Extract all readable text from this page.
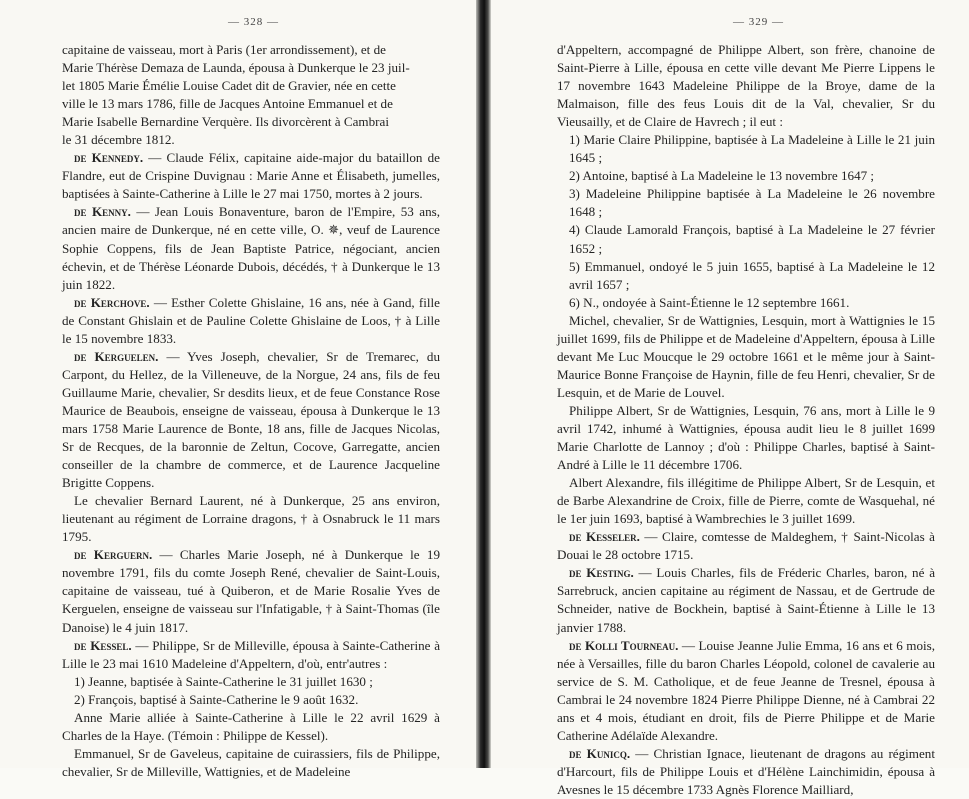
— 328 —

capitaine de vaisseau, mort à Paris (1er arrondissement), et de

Marie Thérèse Demaza de Launda, épousa à Dunkerque le 23 juil-

let 1805 Marie Émélie Louise Cadet dit de Gravier, née en cette

ville le 13 mars 1786, fille de Jacques Antoine Emmanuel et de

Marie Isabelle Bernardine Verquère. Ils divorcèrent à Cambrai

le 31 décembre 1812.

de Kennedy. — Claude Félix, capitaine aide-major du bataillon de Flandre, eut de Crispine Duvignau : Marie Anne et Élisabeth, jumelles, baptisées à Sainte-Catherine à Lille le 27 mai 1750, mortes à 2 jours.

de Kenny. — Jean Louis Bonaventure, baron de l'Empire, 53 ans, ancien maire de Dunkerque, né en cette ville, O. ✵, veuf de Laurence Sophie Coppens, fils de Jean Baptiste Patrice, négociant, ancien échevin, et de Thérèse Léonarde Dubois, décédés, † à Dunkerque le 13 juin 1822.

de Kerchove. — Esther Colette Ghislaine, 16 ans, née à Gand, fille de Constant Ghislain et de Pauline Colette Ghislaine de Loos, † à Lille le 15 novembre 1833.

de Kerguelen. — Yves Joseph, chevalier, Sr de Tremarec, du Carpont, du Hellez, de la Villeneuve, de la Norgue, 24 ans, fils de feu Guillaume Marie, chevalier, Sr desdits lieux, et de feue Constance Rose Maurice de Beaubois, enseigne de vaisseau, épousa à Dunkerque le 13 mars 1758 Marie Laurence de Bonte, 18 ans, fille de Jacques Nicolas, Sr de Recques, de la baronnie de Zeltun, Cocove, Garregatte, ancien conseiller de la chambre de commerce, et de Laurence Jacqueline Brigitte Coppens.

Le chevalier Bernard Laurent, né à Dunkerque, 25 ans environ, lieutenant au régiment de Lorraine dragons, † à Osnabruck le 11 mars 1795.

de Kerguern. — Charles Marie Joseph, né à Dunkerque le 19 novembre 1791, fils du comte Joseph René, chevalier de Saint-Louis, capitaine de vaisseau, tué à Quiberon, et de Marie Rosalie Yves de Kerguelen, enseigne de vaisseau sur l'Infatigable, † à Saint-Thomas (île Danoise) le 4 juin 1817.

de Kessel. — Philippe, Sr de Milleville, épousa à Sainte-Catherine à Lille le 23 mai 1610 Madeleine d'Appeltern, d'où, entr'autres :

1) Jeanne, baptisée à Sainte-Catherine le 31 juillet 1630 ;

2) François, baptisé à Sainte-Catherine le 9 août 1632.

Anne Marie alliée à Sainte-Catherine à Lille le 22 avril 1629 à Charles de la Haye. (Témoin : Philippe de Kessel).

Emmanuel, Sr de Gaveleus, capitaine de cuirassiers, fils de Philippe, chevalier, Sr de Milleville, Wattignies, et de Madeleine

— 329 —

d'Appeltern, accompagné de Philippe Albert, son frère, chanoine de Saint-Pierre à Lille, épousa en cette ville devant Me Pierre Lippens le 17 novembre 1643 Madeleine Philippe de la Broye, dame de la Malmaison, fille des feus Louis dit de la Val, chevalier, Sr du Vieusailly, et de Claire de Havrech ; il eut :

1) Marie Claire Philippine, baptisée à La Madeleine à Lille le 21 juin 1645 ;

2) Antoine, baptisé à La Madeleine le 13 novembre 1647 ;

3) Madeleine Philippine baptisée à La Madeleine le 26 novembre 1648 ;

4) Claude Lamorald François, baptisé à La Madeleine le 27 février 1652 ;

5) Emmanuel, ondoyé le 5 juin 1655, baptisé à La Madeleine le 12 avril 1657 ;

6) N., ondoyée à Saint-Étienne le 12 septembre 1661.

Michel, chevalier, Sr de Wattignies, Lesquin, mort à Wattignies le 15 juillet 1699, fils de Philippe et de Madeleine d'Appeltern, épousa à Lille devant Me Luc Moucque le 29 octobre 1661 et le même jour à Saint-Maurice Bonne Françoise de Haynin, fille de feu Henri, chevalier, Sr de Lesquin, et de Marie de Louvel.

Philippe Albert, Sr de Wattignies, Lesquin, 76 ans, mort à Lille le 9 avril 1742, inhumé à Wattignies, épousa audit lieu le 8 juillet 1699 Marie Charlotte de Lannoy ; d'où : Philippe Charles, baptisé à Saint-André à Lille le 11 décembre 1706.

Albert Alexandre, fils illégitime de Philippe Albert, Sr de Lesquin, et de Barbe Alexandrine de Croix, fille de Pierre, comte de Wasquehal, né le 1er juin 1693, baptisé à Wambrechies le 3 juillet 1699.

de Kesseler. — Claire, comtesse de Maldeghem, † Saint-Nicolas à Douai le 28 octobre 1715.

de Kesting. — Louis Charles, fils de Fréderic Charles, baron, né à Sarrebruck, ancien capitaine au régiment de Nassau, et de Gertrude de Schneider, native de Bockhein, baptisé à Saint-Étienne à Lille le 13 janvier 1788.

de Kolli Tourneau. — Louise Jeanne Julie Emma, 16 ans et 6 mois, née à Versailles, fille du baron Charles Léopold, colonel de cavalerie au service de S. M. Catholique, et de feue Jeanne de Tresnel, épousa à Cambrai le 24 novembre 1824 Pierre Philippe Dienne, né à Cambrai 22 ans et 4 mois, étudiant en droit, fils de Pierre Philippe et de Marie Catherine Adélaïde Alexandre.

de Kunicq. — Christian Ignace, lieutenant de dragons au régiment d'Harcourt, fils de Philippe Louis et d'Hélène Lainchimidin, épousa à Avesnes le 15 décembre 1733 Agnès Florence Mailliard,
